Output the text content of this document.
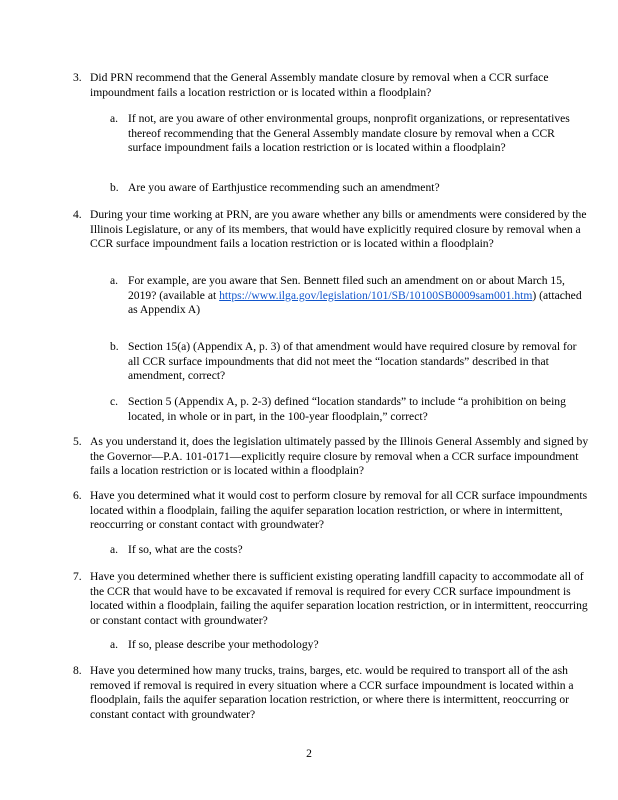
3. Did PRN recommend that the General Assembly mandate closure by removal when a CCR surface impoundment fails a location restriction or is located within a floodplain?
a. If not, are you aware of other environmental groups, nonprofit organizations, or representatives thereof recommending that the General Assembly mandate closure by removal when a CCR surface impoundment fails a location restriction or is located within a floodplain?
b. Are you aware of Earthjustice recommending such an amendment?
4. During your time working at PRN, are you aware whether any bills or amendments were considered by the Illinois Legislature, or any of its members, that would have explicitly required closure by removal when a CCR surface impoundment fails a location restriction or is located within a floodplain?
a. For example, are you aware that Sen. Bennett filed such an amendment on or about March 15, 2019? (available at https://www.ilga.gov/legislation/101/SB/10100SB0009sam001.htm) (attached as Appendix A)
b. Section 15(a) (Appendix A, p. 3) of that amendment would have required closure by removal for all CCR surface impoundments that did not meet the “location standards” described in that amendment, correct?
c. Section 5 (Appendix A, p. 2-3) defined “location standards” to include “a prohibition on being located, in whole or in part, in the 100-year floodplain,” correct?
5. As you understand it, does the legislation ultimately passed by the Illinois General Assembly and signed by the Governor—P.A. 101-0171—explicitly require closure by removal when a CCR surface impoundment fails a location restriction or is located within a floodplain?
6. Have you determined what it would cost to perform closure by removal for all CCR surface impoundments located within a floodplain, failing the aquifer separation location restriction, or where in intermittent, reoccurring or constant contact with groundwater?
a. If so, what are the costs?
7. Have you determined whether there is sufficient existing operating landfill capacity to accommodate all of the CCR that would have to be excavated if removal is required for every CCR surface impoundment is located within a floodplain, failing the aquifer separation location restriction, or in intermittent, reoccurring or constant contact with groundwater?
a. If so, please describe your methodology?
8. Have you determined how many trucks, trains, barges, etc. would be required to transport all of the ash removed if removal is required in every situation where a CCR surface impoundment is located within a floodplain, fails the aquifer separation location restriction, or where there is intermittent, reoccurring or constant contact with groundwater?
2
